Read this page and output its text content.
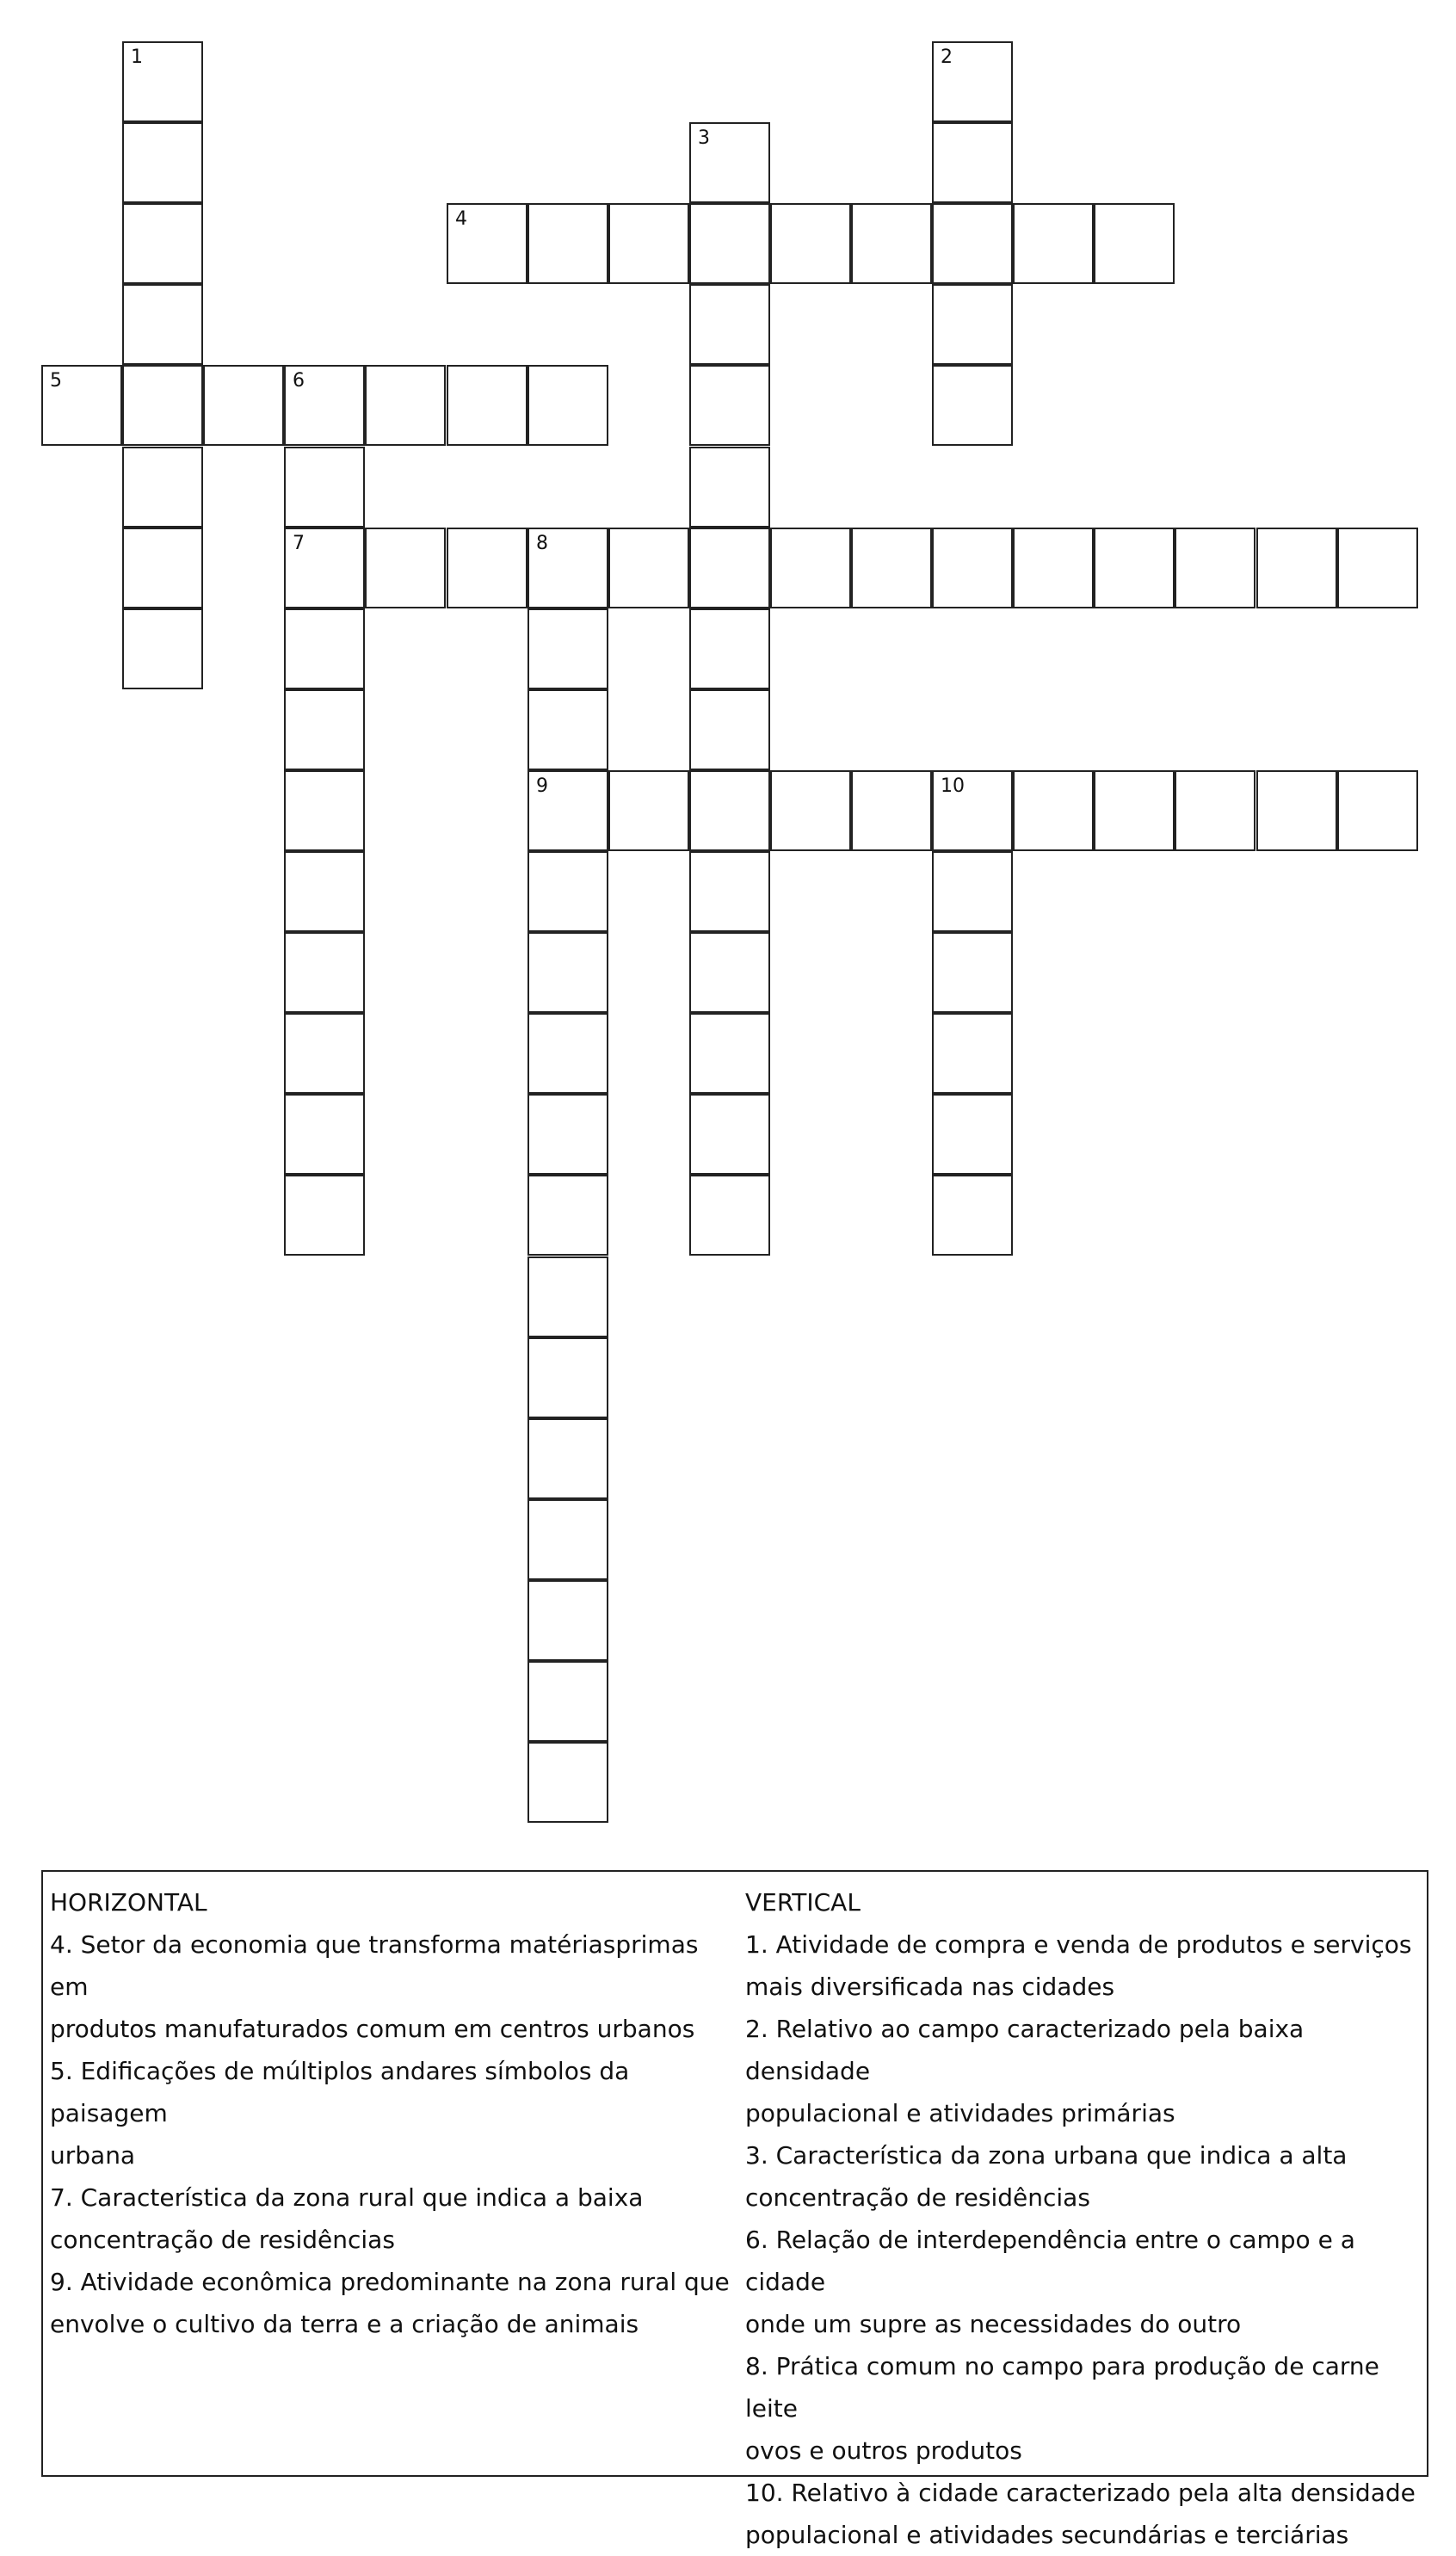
1	2
3
4
5	6
7	8
9	10
HORIZONTAL
4. Setor da economia que transforma matériasprimas em
produtos manufaturados comum em centros urbanos
5. Edificações de múltiplos andares símbolos da paisagem
urbana
7. Característica da zona rural que indica a baixa
concentração de residências
9. Atividade econômica predominante na zona rural que
envolve o cultivo da terra e a criação de animais
VERTICAL
1. Atividade de compra e venda de produtos e serviços
mais diversificada nas cidades
2. Relativo ao campo caracterizado pela baixa densidade
populacional e atividades primárias
3. Característica da zona urbana que indica a alta
concentração de residências
6. Relação de interdependência entre o campo e a cidade
onde um supre as necessidades do outro
8. Prática comum no campo para produção de carne leite
ovos e outros produtos
10. Relativo à cidade caracterizado pela alta densidade
populacional e atividades secundárias e terciárias
